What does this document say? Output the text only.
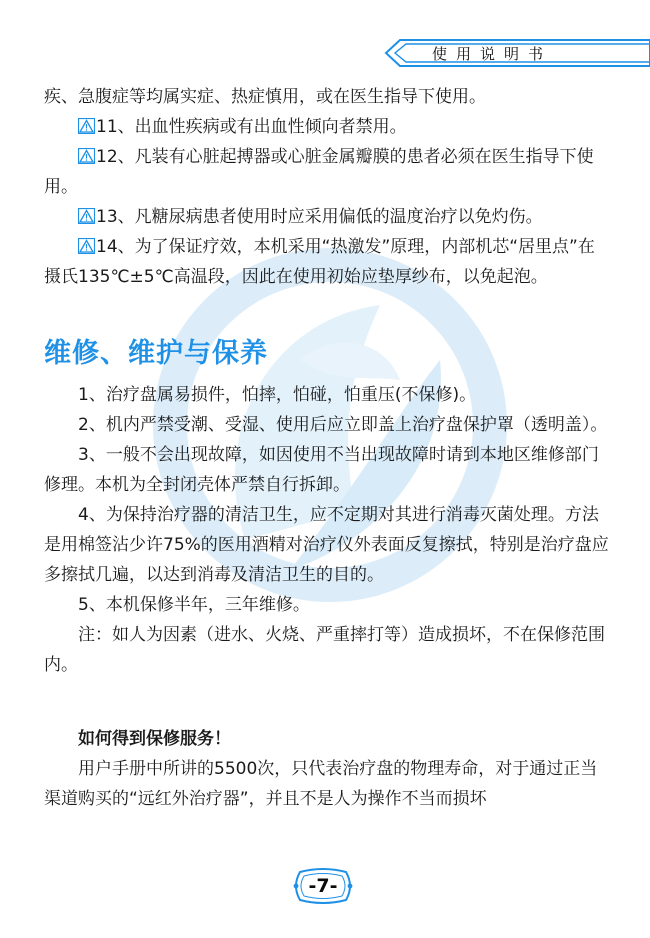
使用说明书

疾、急腹症等均属实症、热症慎用，或在医生指导下使用。

11、出血性疾病或有出血性倾向者禁用。

12、凡装有心脏起搏器或心脏金属瓣膜的患者必须在医生指导下使用。

13、凡糖尿病患者使用时应采用偏低的温度治疗以免灼伤。

14、为了保证疗效，本机采用“热激发”原理，内部机芯“居里点”在摄氏135℃±5℃高温段，因此在使用初始应垫厚纱布，以免起泡。

维修、维护与保养

1、治疗盘属易损件，怕摔，怕碰，怕重压(不保修)。

2、机内严禁受潮、受湿、使用后应立即盖上治疗盘保护罩（透明盖）。

3、一般不会出现故障，如因使用不当出现故障时请到本地区维修部门修理。本机为全封闭壳体严禁自行拆卸。

4、为保持治疗器的清洁卫生，应不定期对其进行消毒灭菌处理。方法是用棉签沾少许75%的医用酒精对治疗仪外表面反复擦拭，特别是治疗盘应多擦拭几遍，以达到消毒及清洁卫生的目的。

5、本机保修半年，三年维修。

注：如人为因素（进水、火烧、严重摔打等）造成损坏，不在保修范围内。

如何得到保修服务！

用户手册中所讲的5500次，只代表治疗盘的物理寿命，对于通过正当渠道购买的“远红外治疗器”，并且不是人为操作不当而损坏

-7-
